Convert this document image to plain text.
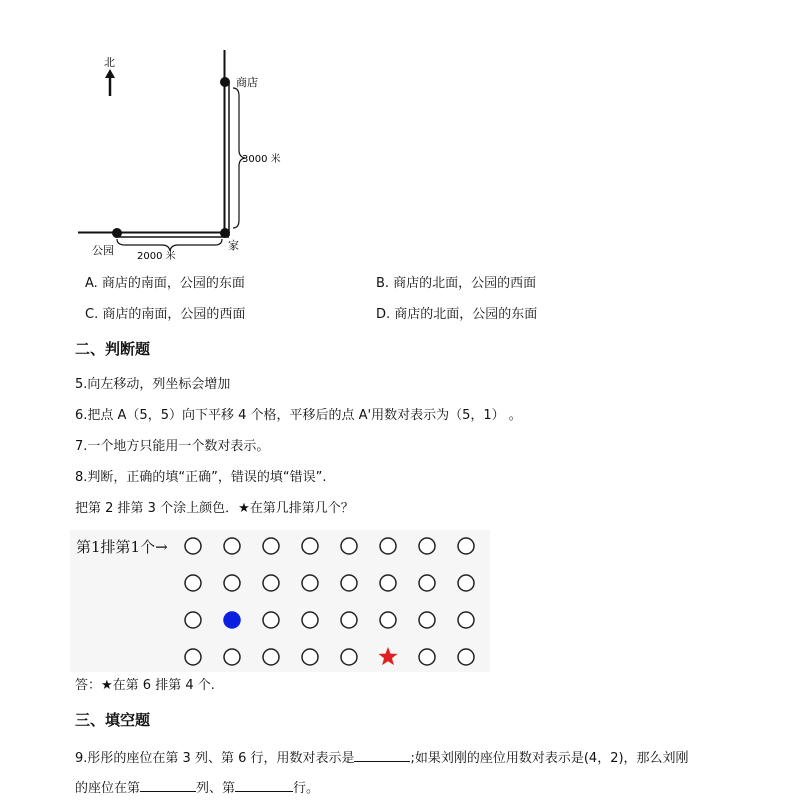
北
3000 米
2000 米
商店
公园	家
A. 商店的南面，公园的东面	B. 商店的北面，公园的西面
C. 商店的南面，公园的西面	D. 商店的北面，公园的东面
二、判断题
5.向左移动，列坐标会增加
6.把点 A（5，5）向下平移 4 个格，平移后的点 A'用数对表示为（5，1） 。
7.一个地方只能用一个数对表示。
8.判断，正确的填“正确”，错误的填“错误”.
把第 2 排第 3 个涂上颜色．★在第几排第几个？
第1排第1个→
答：★在第 6 排第 4 个.
三、填空题
9.彤彤的座位在第 3 列、第 6 行，用数对表示是	;如果刘刚的座位用数对表示是(4，2)，那么刘刚
的座位在第	列、第	行。
